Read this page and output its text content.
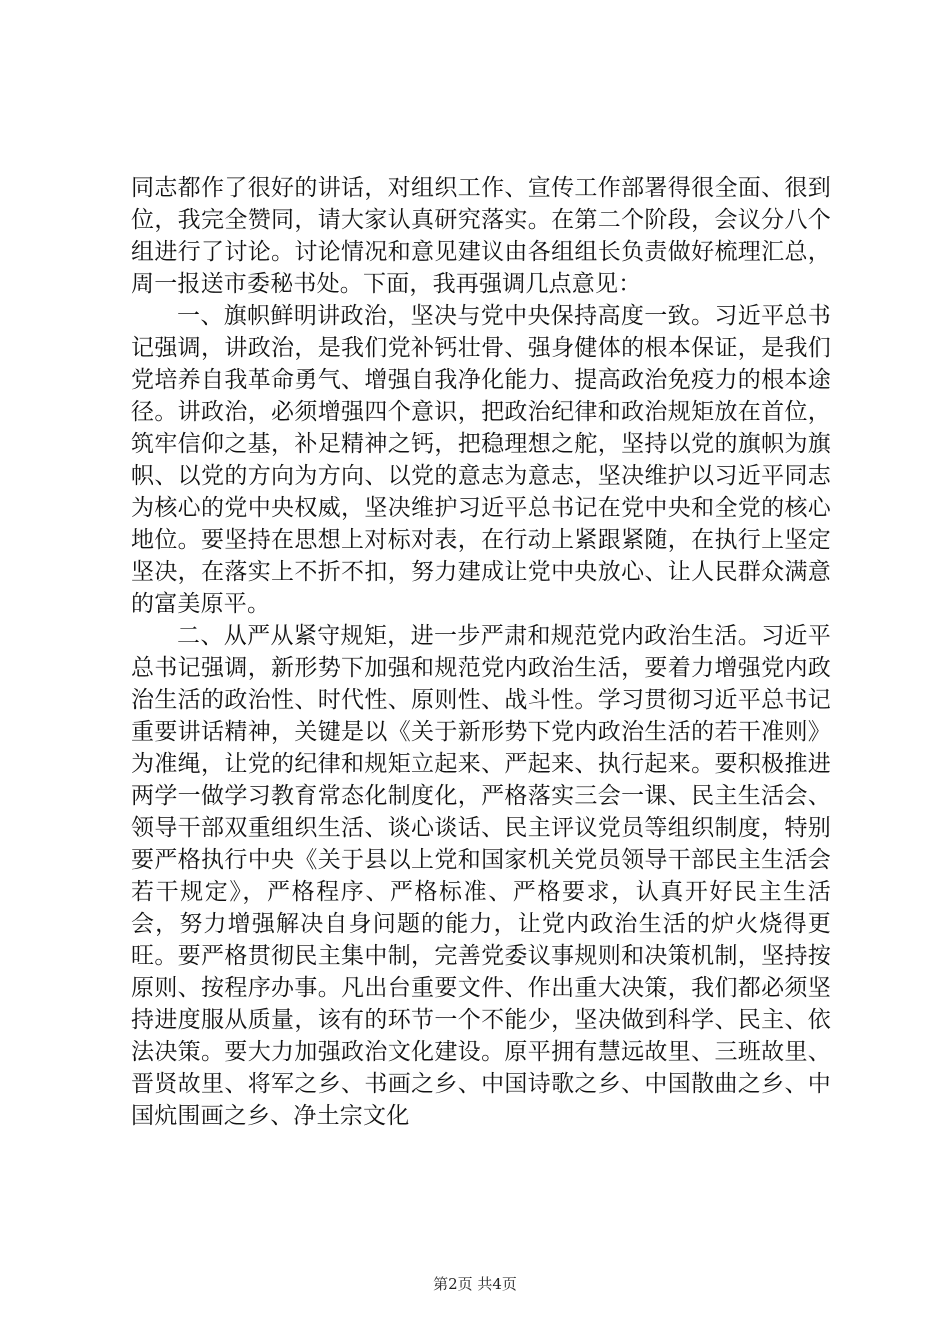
同志都作了很好的讲话，对组织工作、宣传工作部署得很全面、很到位，我完全赞同，请大家认真研究落实。在第二个阶段，会议分八个组进行了讨论。讨论情况和意见建议由各组组长负责做好梳理汇总，周一报送市委秘书处。下面，我再强调几点意见：

一、旗帜鲜明讲政治，坚决与党中央保持高度一致。习近平总书记强调，讲政治，是我们党补钙壮骨、强身健体的根本保证，是我们党培养自我革命勇气、增强自我净化能力、提高政治免疫力的根本途径。讲政治，必须增强四个意识，把政治纪律和政治规矩放在首位，筑牢信仰之基，补足精神之钙，把稳理想之舵，坚持以党的旗帜为旗帜、以党的方向为方向、以党的意志为意志，坚决维护以习近平同志为核心的党中央权威，坚决维护习近平总书记在党中央和全党的核心地位。要坚持在思想上对标对表，在行动上紧跟紧随，在执行上坚定坚决，在落实上不折不扣，努力建成让党中央放心、让人民群众满意的富美原平。

二、从严从紧守规矩，进一步严肃和规范党内政治生活。习近平总书记强调，新形势下加强和规范党内政治生活，要着力增强党内政治生活的政治性、时代性、原则性、战斗性。学习贯彻习近平总书记重要讲话精神，关键是以《关于新形势下党内政治生活的若干准则》为准绳，让党的纪律和规矩立起来、严起来、执行起来。要积极推进两学一做学习教育常态化制度化，严格落实三会一课、民主生活会、领导干部双重组织生活、谈心谈话、民主评议党员等组织制度，特别要严格执行中央《关于县以上党和国家机关党员领导干部民主生活会若干规定》，严格程序、严格标准、严格要求，认真开好民主生活会，努力增强解决自身问题的能力，让党内政治生活的炉火烧得更旺。要严格贯彻民主集中制，完善党委议事规则和决策机制，坚持按原则、按程序办事。凡出台重要文件、作出重大决策，我们都必须坚持进度服从质量，该有的环节一个不能少，坚决做到科学、民主、依法决策。要大力加强政治文化建设。原平拥有慧远故里、三班故里、晋贤故里、将军之乡、书画之乡、中国诗歌之乡、中国散曲之乡、中国炕围画之乡、净土宗文化

第2页 共4页
